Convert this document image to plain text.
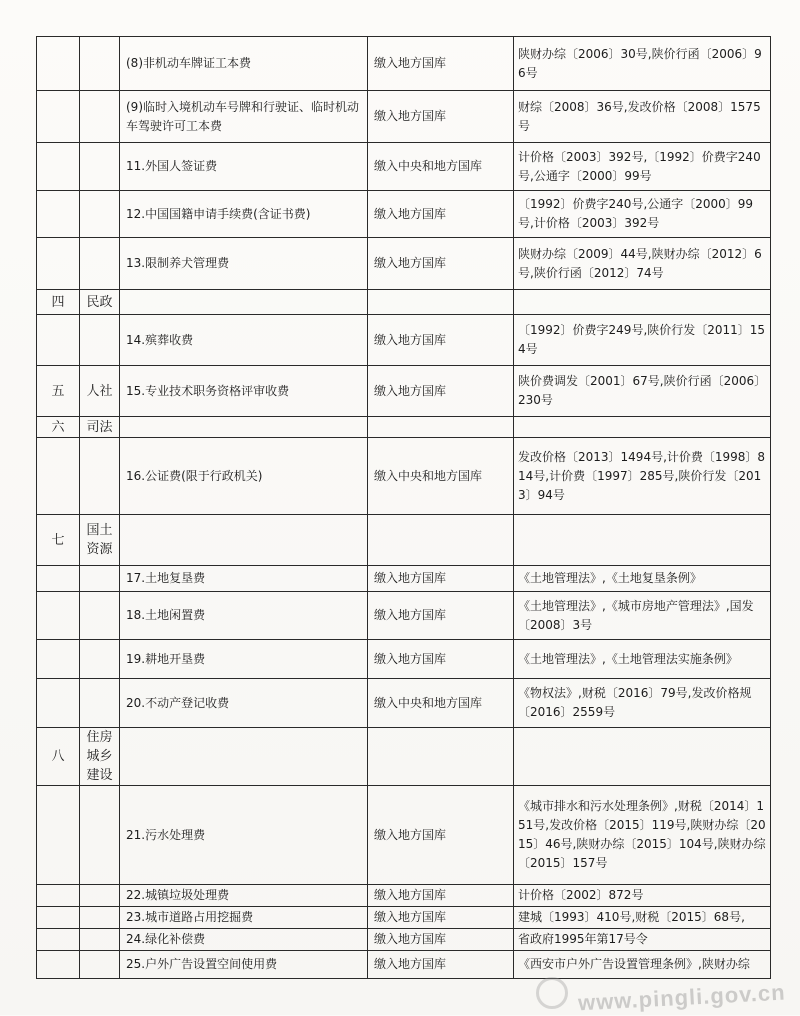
		(8)非机动车牌证工本费	缴入地方国库	陕财办综〔2006〕30号,陕价行函〔2006〕96号
		(9)临时入境机动车号牌和行驶证、临时机动车驾驶许可工本费	缴入地方国库	财综〔2008〕36号,发改价格〔2008〕1575号
		11.外国人签证费	缴入中央和地方国库	计价格〔2003〕392号,〔1992〕价费字240号,公通字〔2000〕99号
		12.中国国籍申请手续费(含证书费)	缴入地方国库	〔1992〕价费字240号,公通字〔2000〕99号,计价格〔2003〕392号
		13.限制养犬管理费	缴入地方国库	陕财办综〔2009〕44号,陕财办综〔2012〕6号,陕价行函〔2012〕74号
四	民政			
		14.殡葬收费	缴入地方国库	〔1992〕价费字249号,陕价行发〔2011〕154号
五	人社	15.专业技术职务资格评审收费	缴入地方国库	陕价费调发〔2001〕67号,陕价行函〔2006〕230号
六	司法			
		16.公证费(限于行政机关)	缴入中央和地方国库	发改价格〔2013〕1494号,计价费〔1998〕814号,计价费〔1997〕285号,陕价行发〔2013〕94号
七	国土资源			
		17.土地复垦费	缴入地方国库	《土地管理法》,《土地复垦条例》
		18.土地闲置费	缴入地方国库	《土地管理法》,《城市房地产管理法》,国发〔2008〕3号
		19.耕地开垦费	缴入地方国库	《土地管理法》,《土地管理法实施条例》
		20.不动产登记收费	缴入中央和地方国库	《物权法》,财税〔2016〕79号,发改价格规〔2016〕2559号
八	住房城乡建设			
		21.污水处理费	缴入地方国库	《城市排水和污水处理条例》,财税〔2014〕151号,发改价格〔2015〕119号,陕财办综〔2015〕46号,陕财办综〔2015〕104号,陕财办综〔2015〕157号
		22.城镇垃圾处理费	缴入地方国库	计价格〔2002〕872号
		23.城市道路占用挖掘费	缴入地方国库	建城〔1993〕410号,财税〔2015〕68号,
		24.绿化补偿费	缴入地方国库	省政府1995年第17号令
		25.户外广告设置空间使用费	缴入地方国库	《西安市户外广告设置管理条例》,陕财办综
www.pingli.gov.cn
